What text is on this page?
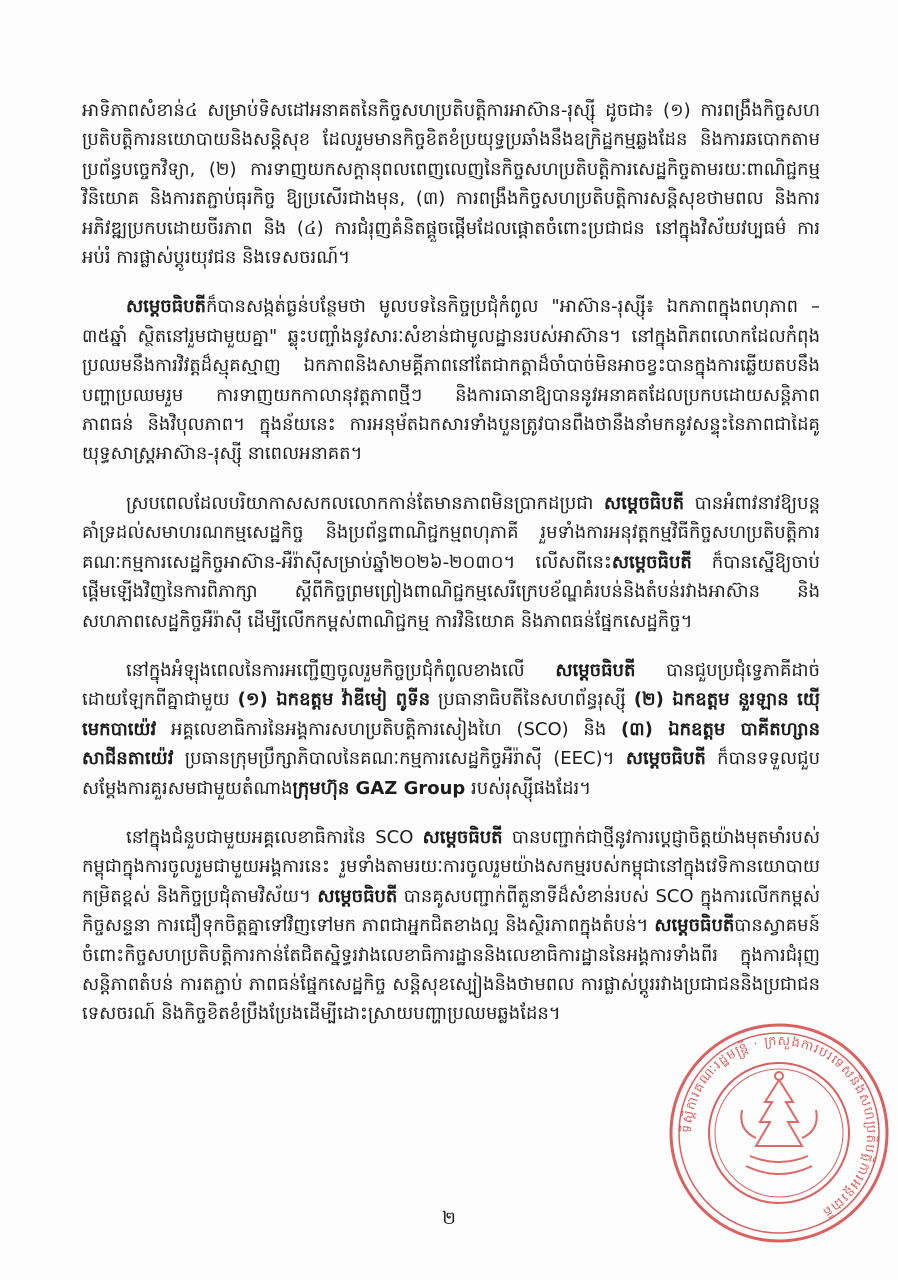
អាទិភាពសំខាន់៤ សម្រាប់ទិសដៅអនាគតនៃកិច្ចសហប្រតិបត្តិការអាស៊ាន-រុស្ស៊ី ដូចជា៖ (១) ការពង្រឹងកិច្ចសហប្រតិបត្តិការនយោបាយនិងសន្តិសុខ ដែលរួមមានកិច្ចខិតខំប្រយុទ្ធប្រឆាំងនឹងឧក្រិដ្ឋកម្មឆ្លងដែន និងការឆបោកតាមប្រព័ន្ធបច្ចេកវិទ្យា, (២) ការទាញយកសក្តានុពលពេញលេញនៃកិច្ចសហប្រតិបត្តិការសេដ្ឋកិច្ចតាមរយៈពាណិជ្ជកម្ម វិនិយោគ និងការតភ្ជាប់ធុរកិច្ច ឱ្យប្រសើរជាងមុន, (៣) ការពង្រឹងកិច្ចសហប្រតិបត្តិការសន្តិសុខថាមពល និងការអភិវឌ្ឍប្រកបដោយចីរភាព និង (៤) ការជំរុញគំនិតផ្តួចផ្តើមដែលផ្តោតចំពោះប្រជាជន នៅក្នុងវិស័យវប្បធម៌ ការអប់រំ ការផ្លាស់ប្តូរយុវជន និងទេសចរណ៍។

សម្តេចធិបតីក៏បានសង្កត់ធ្ងន់បន្ថែមថា មូលបទនៃកិច្ចប្រជុំកំពូល "អាស៊ាន-រុស្ស៊ី៖ ឯកភាពក្នុងពហុភាព – ៣៥ឆ្នាំ ស្ថិតនៅរួមជាមួយគ្នា" ឆ្លុះបញ្ចាំងនូវសារៈសំខាន់ជាមូលដ្ឋានរបស់អាស៊ាន។ នៅក្នុងពិភពលោកដែលកំពុងប្រឈមនឹងការវិវត្តដ៏ស្មុគស្មាញ ឯកភាពនិងសាមគ្គីភាពនៅតែជាកត្តាដ៏ចាំបាច់មិនអាចខ្វះបានក្នុងការឆ្លើយតបនឹងបញ្ហាប្រឈមរួម ការទាញយកកាលានុវត្តភាពថ្មីៗ និងការធានាឱ្យបាននូវអនាគតដែលប្រកបដោយសន្តិភាព ភាពធន់ និងវិបុលភាព។ ក្នុងន័យនេះ ការអនុម័តឯកសារទាំងបួនត្រូវបានពឹងថានឹងនាំមកនូវសន្ទុះនៃភាពជាដៃគូយុទ្ធសាស្ត្រអាស៊ាន-រុស្ស៊ី នាពេលអនាគត។

ស្របពេលដែលបរិយាកាសសកលលោកកាន់តែមានភាពមិនប្រាកដប្រជា សម្តេចធិបតី បានអំពាវនាវឱ្យបន្តគាំទ្រដល់សមាហរណកម្មសេដ្ឋកិច្ច និងប្រព័ន្ធពាណិជ្ជកម្មពហុភាគី រួមទាំងការអនុវត្តកម្មវិធីកិច្ចសហប្រតិបត្តិការគណៈកម្មការសេដ្ឋកិច្ចអាស៊ាន-អឺរ៉ាស៊ីសម្រាប់ឆ្នាំ២០២៦-២០៣០។ លើសពីនេះសម្តេចធិបតី ក៏បានស្នើឱ្យចាប់ផ្តើមឡើងវិញនៃការពិភាក្សា ស្តីពីកិច្ចព្រមព្រៀងពាណិជ្ជកម្មសេរីក្រេបខ័ណ្ឌគំរបន់និងតំបន់រវាងអាស៊ាន និងសហភាពសេដ្ឋកិច្ចអឺរ៉ាស៊ី ដើម្បីលើកកម្ពស់ពាណិជ្ជកម្ម ការវិនិយោគ និងភាពធន់ផ្នែកសេដ្ឋកិច្ច។

នៅក្នុងអំឡុងពេលនៃការអញ្ជើញចូលរួមកិច្ចប្រជុំកំពូលខាងលើ សម្តេចធិបតី បានជួបប្រជុំទ្វេភាគីដាច់ដោយឡែកពីគ្នាជាមួយ (១) ឯកឧត្តម វ៉ាឌីមៀ ពូទីន ប្រធានាធិបតីនៃសហព័ន្ធរុស្ស៊ី (២) ឯកឧត្តម នួរឡាន យ៉ើមេកបាយ៉េវ អគ្គលេខាធិការនៃអង្គការសហប្រតិបត្តិការសៀងហៃ (SCO) និង (៣) ឯកឧត្តម បាគីតហ្សាន សាជីនតាយ៉េវ ប្រធានក្រុមប្រឹក្សាភិបាលនៃគណៈកម្មការសេដ្ឋកិច្ចអឺរ៉ាស៊ី (EEC)។ សម្តេចធិបតី ក៏បានទទួលជួបសម្តែងការគួរសមជាមួយតំណាងក្រុមហ៊ុន GAZ Group របស់រុស្ស៊ីផងដែរ។

នៅក្នុងជំនួបជាមួយអគ្គលេខាធិការនៃ SCO សម្តេចធិបតី បានបញ្ជាក់ជាថ្មីនូវការប្តេជ្ញាចិត្តយ៉ាងមុតមាំរបស់កម្ពុជាក្នុងការចូលរួមជាមួយអង្គការនេះ រួមទាំងតាមរយៈការចូលរួមយ៉ាងសកម្មរបស់កម្ពុជានៅក្នុងវេទិកានយោបាយកម្រិតខ្ពស់ និងកិច្ចប្រជុំតាមវិស័យ។ សម្តេចធិបតី បានគូសបញ្ជាក់ពីតួនាទីដ៏សំខាន់របស់ SCO ក្នុងការលើកកម្ពស់កិច្ចសន្ទនា ការជឿទុកចិត្តគ្នាទៅវិញទៅមក ភាពជាអ្នកជិតខាងល្អ និងស្ថិរភាពក្នុងតំបន់។ សម្តេចធិបតីបានស្វាគមន៍ចំពោះកិច្ចសហប្រតិបត្តិការកាន់តែជិតស្និទ្ធរវាងលេខាធិការដ្ឋាននិងលេខាធិការដ្ឋាននៃអង្គការទាំងពីរ ក្នុងការជំរុញសន្តិភាពតំបន់ ការតភ្ជាប់ ភាពធន់ផ្នែកសេដ្ឋកិច្ច សន្តិសុខស្បៀងនិងថាមពល ការផ្លាស់ប្តូររវាងប្រជាជននិងប្រជាជន ទេសចរណ៍ និងកិច្ចខិតខំប្រឹងប្រែងដើម្បីដោះស្រាយបញ្ហាប្រឈមឆ្លងដែន។

២
ទីស្តីការគណៈរដ្ឋមន្ត្រី · ក្រសួងការបរទេសនិងសហប្រតិបត្តិការអន្តរជាតិ
